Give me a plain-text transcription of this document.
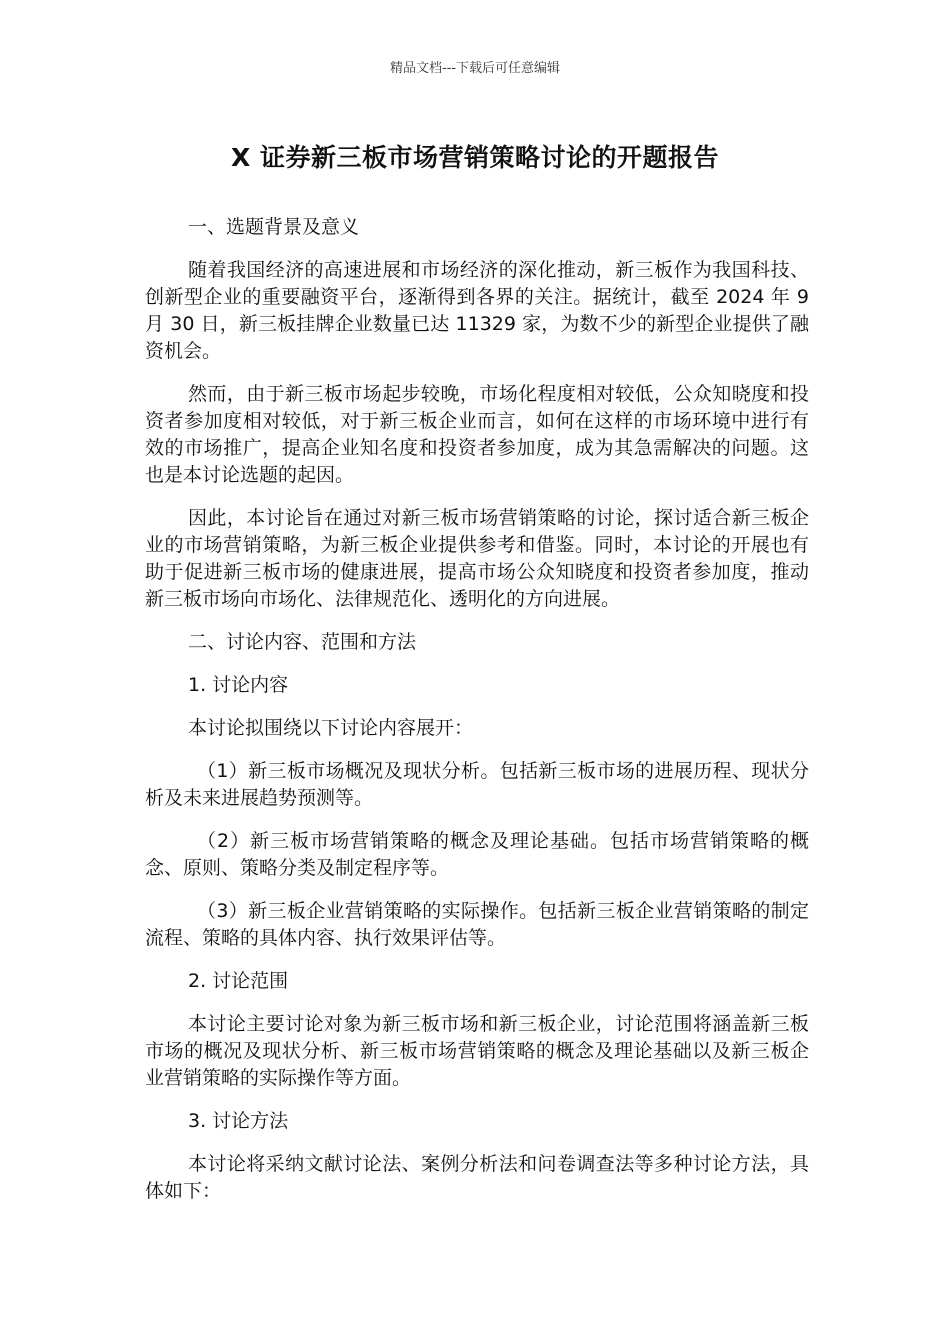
精品文档---下载后可任意编辑
X 证券新三板市场营销策略讨论的开题报告
一、选题背景及意义

随着我国经济的高速进展和市场经济的深化推动，新三板作为我国科技、创新型企业的重要融资平台，逐渐得到各界的关注。据统计，截至 2024 年 9 月 30 日，新三板挂牌企业数量已达 11329 家，为数不少的新型企业提供了融资机会。

然而，由于新三板市场起步较晚，市场化程度相对较低，公众知晓度和投资者参加度相对较低，对于新三板企业而言，如何在这样的市场环境中进行有效的市场推广，提高企业知名度和投资者参加度，成为其急需解决的问题。这也是本讨论选题的起因。

因此，本讨论旨在通过对新三板市场营销策略的讨论，探讨适合新三板企业的市场营销策略，为新三板企业提供参考和借鉴。同时，本讨论的开展也有助于促进新三板市场的健康进展，提高市场公众知晓度和投资者参加度，推动新三板市场向市场化、法律规范化、透明化的方向进展。

二、讨论内容、范围和方法
1. 讨论内容

本讨论拟围绕以下讨论内容展开：

（1）新三板市场概况及现状分析。包括新三板市场的进展历程、现状分析及未来进展趋势预测等。

（2）新三板市场营销策略的概念及理论基础。包括市场营销策略的概念、原则、策略分类及制定程序等。

（3）新三板企业营销策略的实际操作。包括新三板企业营销策略的制定流程、策略的具体内容、执行效果评估等。

2. 讨论范围

本讨论主要讨论对象为新三板市场和新三板企业，讨论范围将涵盖新三板市场的概况及现状分析、新三板市场营销策略的概念及理论基础以及新三板企业营销策略的实际操作等方面。

3. 讨论方法

本讨论将采纳文献讨论法、案例分析法和问卷调查法等多种讨论方法，具体如下：
